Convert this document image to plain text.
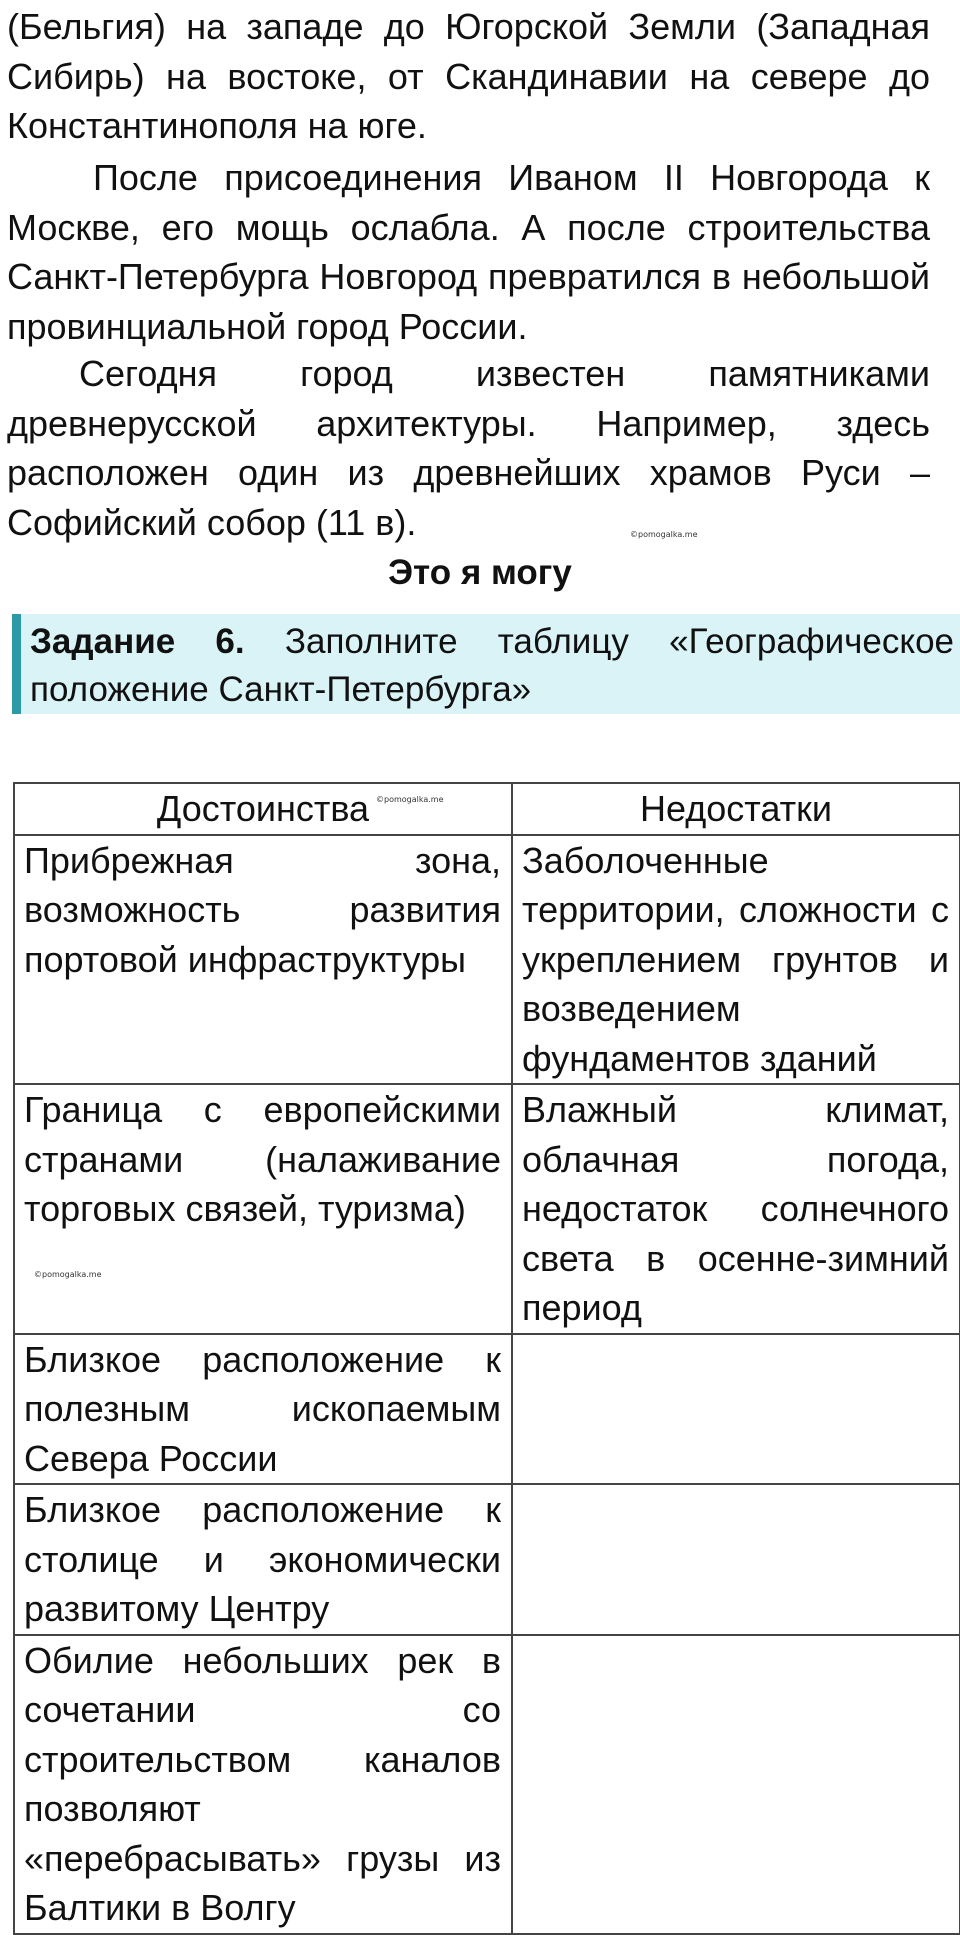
(Бельгия) на западе до Югорской Земли (Западная Сибирь) на востоке, от Скандинавии на севере до Константинополя на юге.

После присоединения Иваном II Новгорода к Москве, его мощь ослабла. А после строительства Санкт-Петербурга Новгород превратился в небольшой провинциальной город России.

Сегодня город известен памятниками древнерусской архитектуры. Например, здесь расположен один из древнейших храмов Руси – Софийский собор (11 в).	©pomogalka.me
Это я могу

Задание 6. Заполните таблицу «Географическое положение Санкт-Петербурга»

©pomogalka.me
©pomogalka.me
Достоинства	Недостатки
Прибрежная зона, возможность развития портовой инфраструктуры	Заболоченные территории, сложности с укреплением грунтов и возведением фундаментов зданий
Граница с европейскими странами (налаживание торговых связей, туризма)	Влажный климат, облачная погода, недостаток солнечного света в осенне-зимний период
Близкое расположение к полезным ископаемым Севера России	
Близкое расположение к столице и экономически развитому Центру	
Обилие небольших рек в сочетании со строительством каналов позволяют «перебрасывать» грузы из Балтики в Волгу	
